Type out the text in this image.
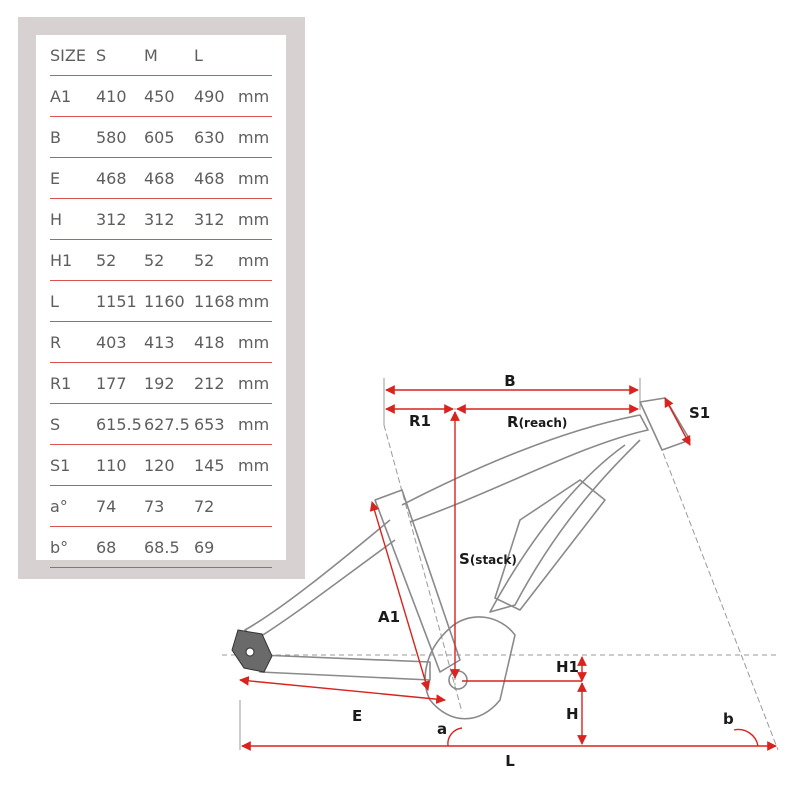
SIZE	S	M	L	
A1	410	450	490	mm
B	580	605	630	mm
E	468	468	468	mm
H	312	312	312	mm
H1	52	52	52	mm
L	1151	1160	1168	mm
R	403	413	418	mm
R1	177	192	212	mm
S	615.5	627.5	653	mm
S1	110	120	145	mm
a°	74	73	72	
b°	68	68.5	69	
B
R1	R(reach)
S1
S(stack)
A1
H1
H
E
a
b
L
